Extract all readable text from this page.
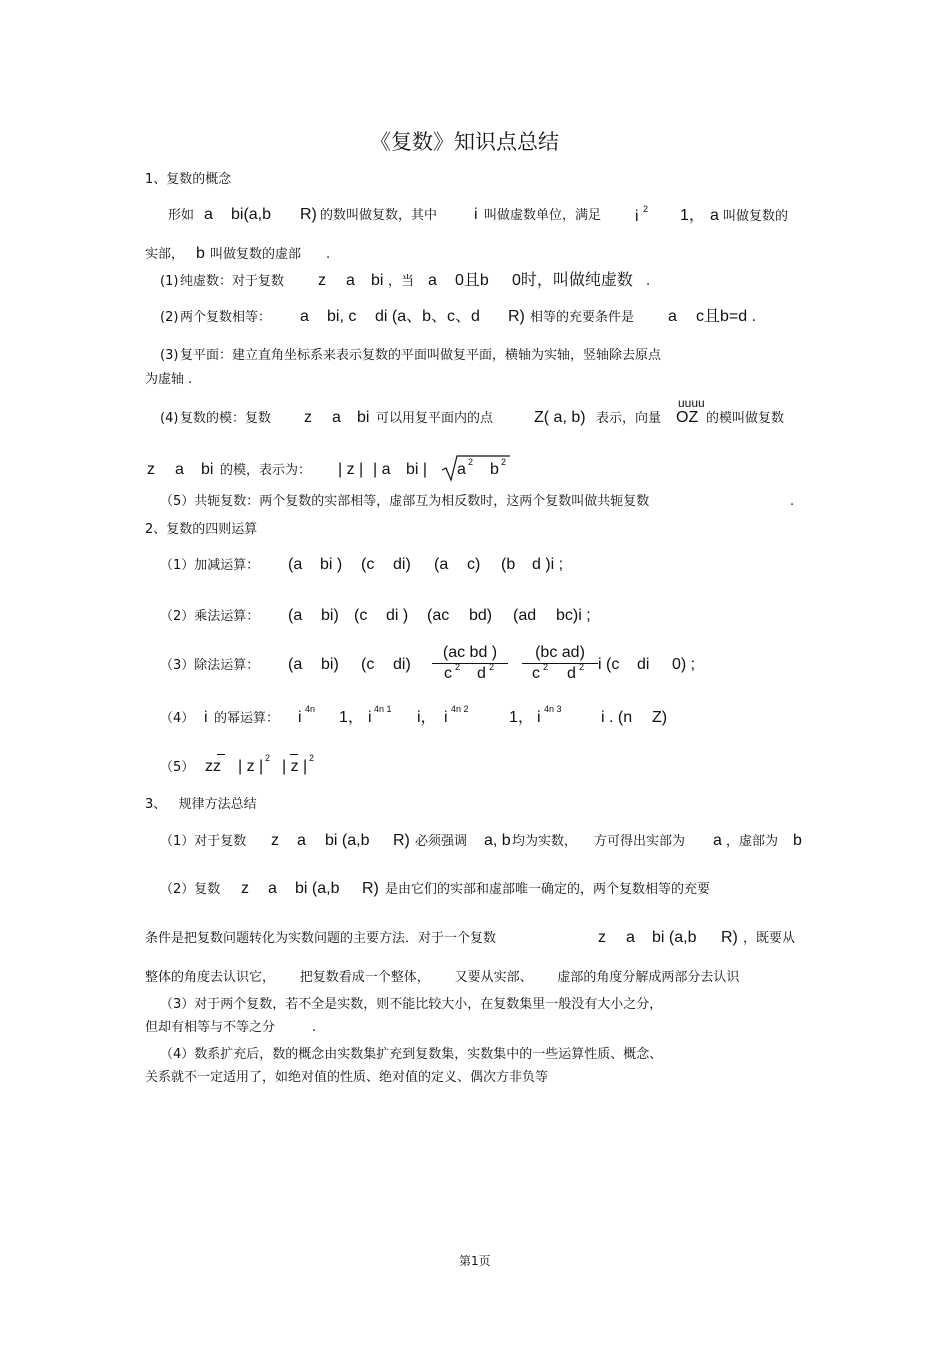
《复数》知识点总结
1、复数的概念
形如 a bi(a,b R) 的数叫做复数，其中 i 叫做虚数单位，满足 i 2 1， a 叫做复数的
实部， b 叫做复数的虚部 .
(1) 纯虚数：对于复数 z a bi ，当 a 0且b 0时，叫做纯虚数 .
(2) 两个复数相等： a bi, c di (a、b、c、d R) 相等的充要条件是 a c且b=d .
(3) 复平面：建立直角坐标系来表示复数的平面叫做复平面，横轴为实轴，竖轴除去原点
为虚轴 .
uuuu
(4) 复数的模：复数 z a bi 可以用复平面内的点	Z( a, b) 表示，向量 OZ 的模叫做复数
z a bi 的模，表示为： | z | | a bi | a 2 b 2
（5）共轭复数：两个复数的实部相等，虚部互为相反数时，这两个复数叫做共轭复数	.
2、复数的四则运算
（1）加减运算： (a bi ) (c di) (a c) (b d )i ;
（2）乘法运算： (a bi) (c di ) (ac bd) (ad bc)i ;
（3）除法运算： (a bi) (c di)
(ac bd )
c 2 d 2
(bc ad)
c 2 d 2 i (c di 0) ;
（4） i 的幂运算： i 4n 1， i 4n 1 i， i 4n 2	1， i 4n 3 i . (n Z)
（5） zz | z | 2 | z | 2
3、   规律方法总结
（1）对于复数 z a bi (a,b R) 必须强调 a, b 均为实数， 方可得出实部为 a ，虚部为 b
（2）复数 z a bi (a,b R) 是由它们的实部和虚部唯一确定的，两个复数相等的充要
条件是把复数问题转化为实数问题的主要方法．对于一个复数	z a bi (a,b R) ，既要从
整体的角度去认识它，      把复数看成一个整体，      又要从实部、      虚部的角度分解成两部分去认识
（3）对于两个复数，若不全是实数，则不能比较大小，在复数集里一般没有大小之分，
但却有相等与不等之分	.
（4）数系扩充后，数的概念由实数集扩充到复数集，实数集中的一些运算性质、概念、
关系就不一定适用了，如绝对值的性质、绝对值的定义、偶次方非负等
第1页
